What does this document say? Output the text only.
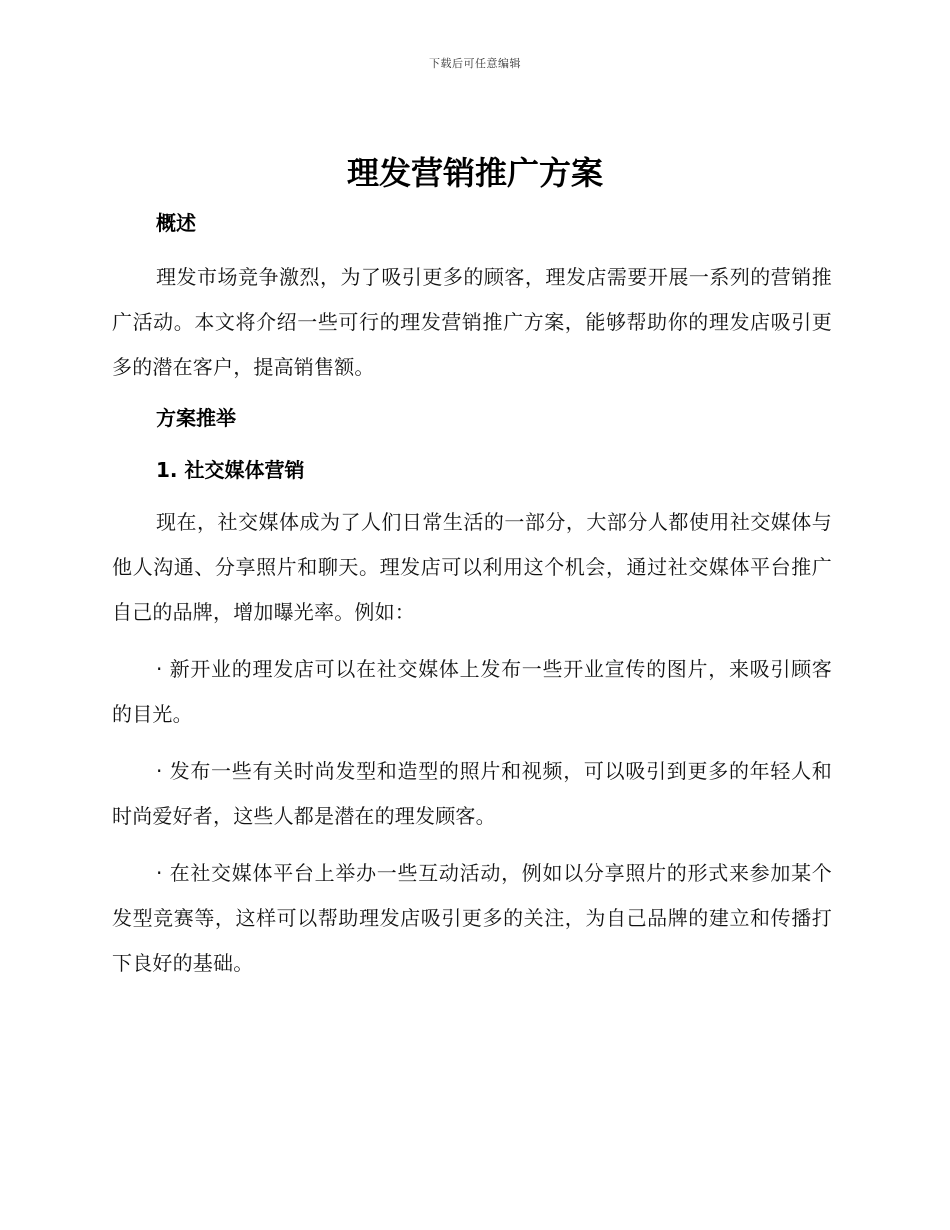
下载后可任意编辑
理发营销推广方案
概述

理发市场竞争激烈，为了吸引更多的顾客，理发店需要开展一系列的营销推广活动。本文将介绍一些可行的理发营销推广方案，能够帮助你的理发店吸引更多的潜在客户，提高销售额。

方案推举
1. 社交媒体营销

现在，社交媒体成为了人们日常生活的一部分，大部分人都使用社交媒体与他人沟通、分享照片和聊天。理发店可以利用这个机会，通过社交媒体平台推广自己的品牌，增加曝光率。例如：

· 新开业的理发店可以在社交媒体上发布一些开业宣传的图片，来吸引顾客的目光。

· 发布一些有关时尚发型和造型的照片和视频，可以吸引到更多的年轻人和时尚爱好者，这些人都是潜在的理发顾客。

· 在社交媒体平台上举办一些互动活动，例如以分享照片的形式来参加某个发型竞赛等，这样可以帮助理发店吸引更多的关注，为自己品牌的建立和传播打下良好的基础。
